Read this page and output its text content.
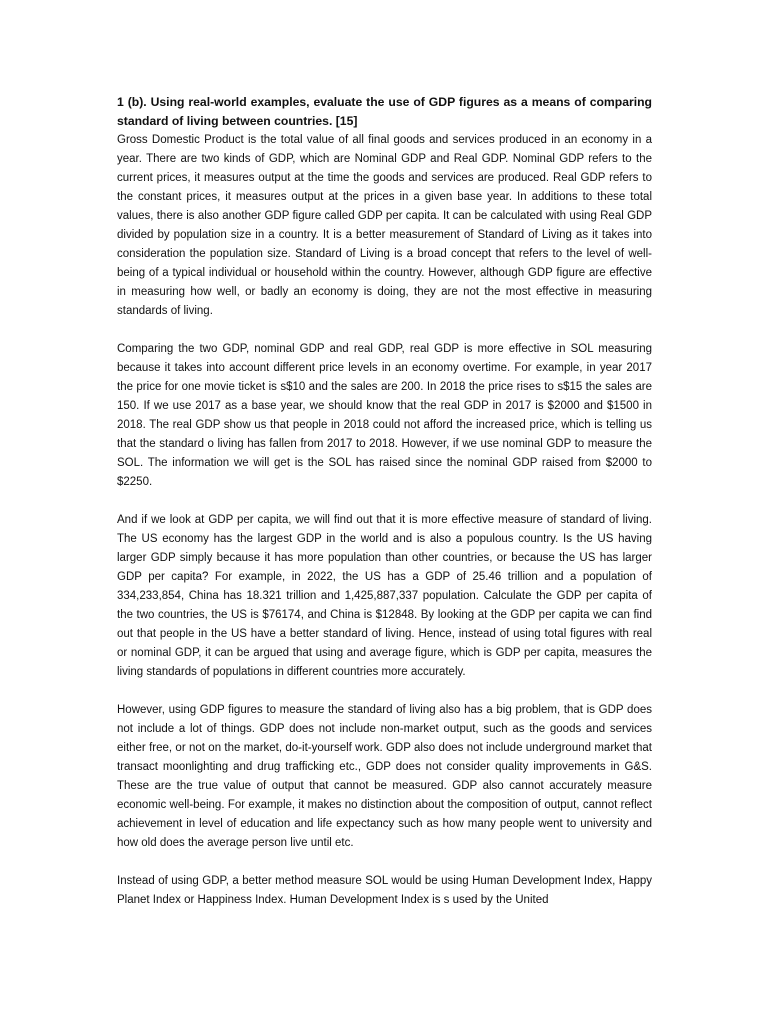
1 (b). Using real-world examples, evaluate the use of GDP figures as a means of comparing standard of living between countries. [15]

Gross Domestic Product is the total value of all final goods and services produced in an economy in a year. There are two kinds of GDP, which are Nominal GDP and Real GDP. Nominal GDP refers to the current prices, it measures output at the time the goods and services are produced. Real GDP refers to the constant prices, it measures output at the prices in a given base year. In additions to these total values, there is also another GDP figure called GDP per capita. It can be calculated with using Real GDP divided by population size in a country. It is a better measurement of Standard of Living as it takes into consideration the population size. Standard of Living is a broad concept that refers to the level of well-being of a typical individual or household within the country. However, although GDP figure are effective in measuring how well, or badly an economy is doing, they are not the most effective in measuring standards of living.

Comparing the two GDP, nominal GDP and real GDP, real GDP is more effective in SOL measuring because it takes into account different price levels in an economy overtime. For example, in year 2017 the price for one movie ticket is s$10 and the sales are 200. In 2018 the price rises to s$15 the sales are 150. If we use 2017 as a base year, we should know that the real GDP in 2017 is $2000 and $1500 in 2018. The real GDP show us that people in 2018 could not afford the increased price, which is telling us that the standard o living has fallen from 2017 to 2018. However, if we use nominal GDP to measure the SOL. The information we will get is the SOL has raised since the nominal GDP raised from $2000 to $2250.

And if we look at GDP per capita, we will find out that it is more effective measure of standard of living. The US economy has the largest GDP in the world and is also a populous country. Is the US having larger GDP simply because it has more population than other countries, or because the US has larger GDP per capita? For example, in 2022, the US has a GDP of 25.46 trillion and a population of 334,233,854, China has 18.321 trillion and 1,425,887,337 population. Calculate the GDP per capita of the two countries, the US is $76174, and China is $12848. By looking at the GDP per capita we can find out that people in the US have a better standard of living. Hence, instead of using total figures with real or nominal GDP, it can be argued that using and average figure, which is GDP per capita, measures the living standards of populations in different countries more accurately.

However, using GDP figures to measure the standard of living also has a big problem, that is GDP does not include a lot of things. GDP does not include non-market output, such as the goods and services either free, or not on the market, do-it-yourself work. GDP also does not include underground market that transact moonlighting and drug trafficking etc., GDP does not consider quality improvements in G&S. These are the true value of output that cannot be measured. GDP also cannot accurately measure economic well-being. For example, it makes no distinction about the composition of output, cannot reflect achievement in level of education and life expectancy such as how many people went to university and how old does the average person live until etc.

Instead of using GDP, a better method measure SOL would be using Human Development Index, Happy Planet Index or Happiness Index. Human Development Index is s used by the United
